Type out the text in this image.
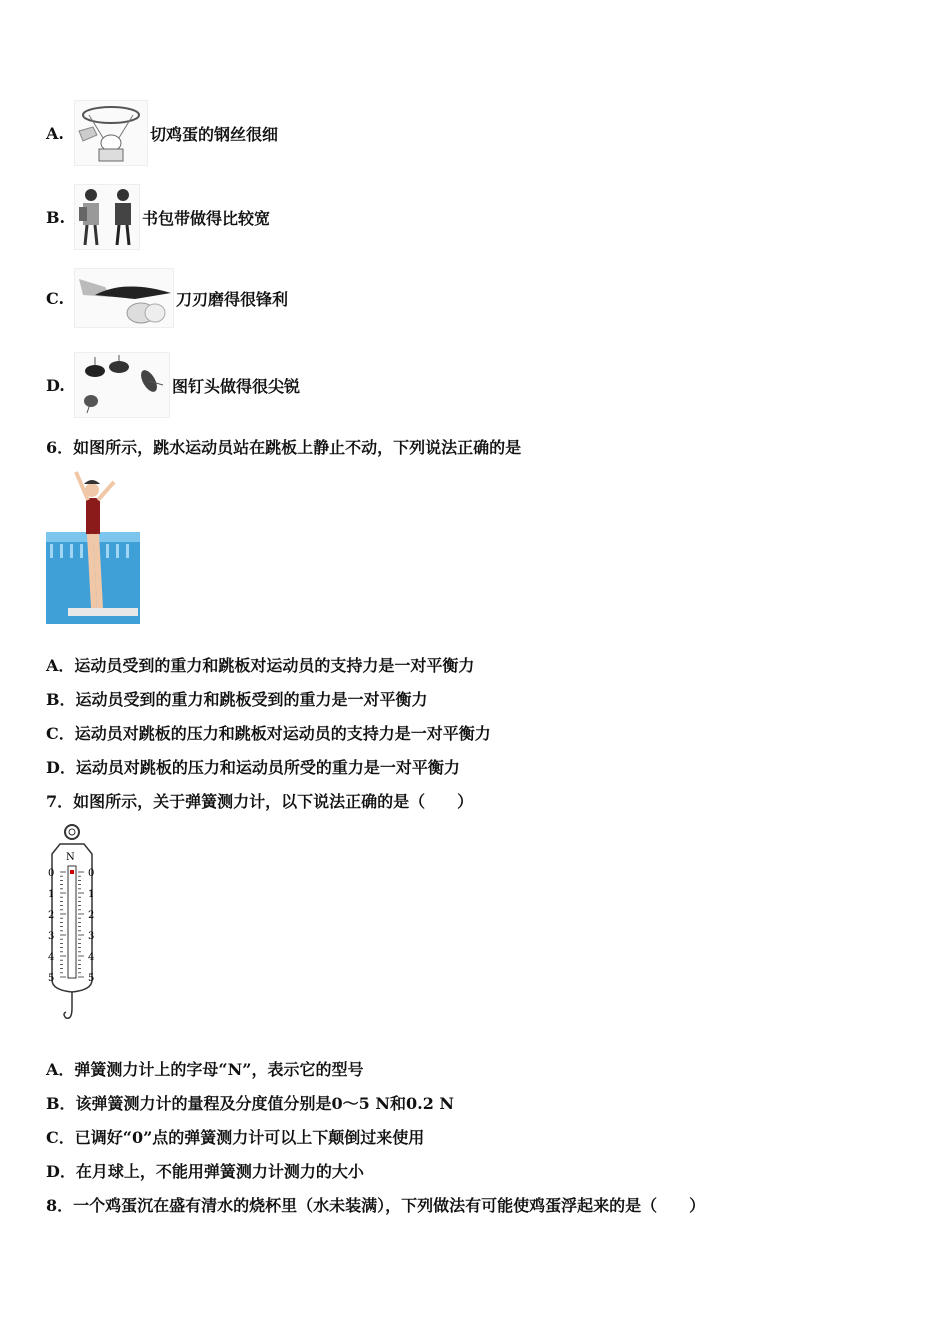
A.	切鸡蛋的钢丝很细
B.	书包带做得比较宽
C.	刀刃磨得很锋利
D.	图钉头做得很尖锐
6．如图所示，跳水运动员站在跳板上静止不动，下列说法正确的是
A．运动员受到的重力和跳板对运动员的支持力是一对平衡力
B．运动员受到的重力和跳板受到的重力是一对平衡力
C．运动员对跳板的压力和跳板对运动员的支持力是一对平衡力
D．运动员对跳板的压力和运动员所受的重力是一对平衡力
7．如图所示，关于弹簧测力计，以下说法正确的是（　　）
N
0	0
1	1
2	2
3	3
4	4
5	5
A．弹簧测力计上的字母“N”，表示它的型号
B．该弹簧测力计的量程及分度值分别是0～5 N和0.2 N
C．已调好“0”点的弹簧测力计可以上下颠倒过来使用
D．在月球上，不能用弹簧测力计测力的大小
8．一个鸡蛋沉在盛有清水的烧杯里（水未装满），下列做法有可能使鸡蛋浮起来的是（　　）
